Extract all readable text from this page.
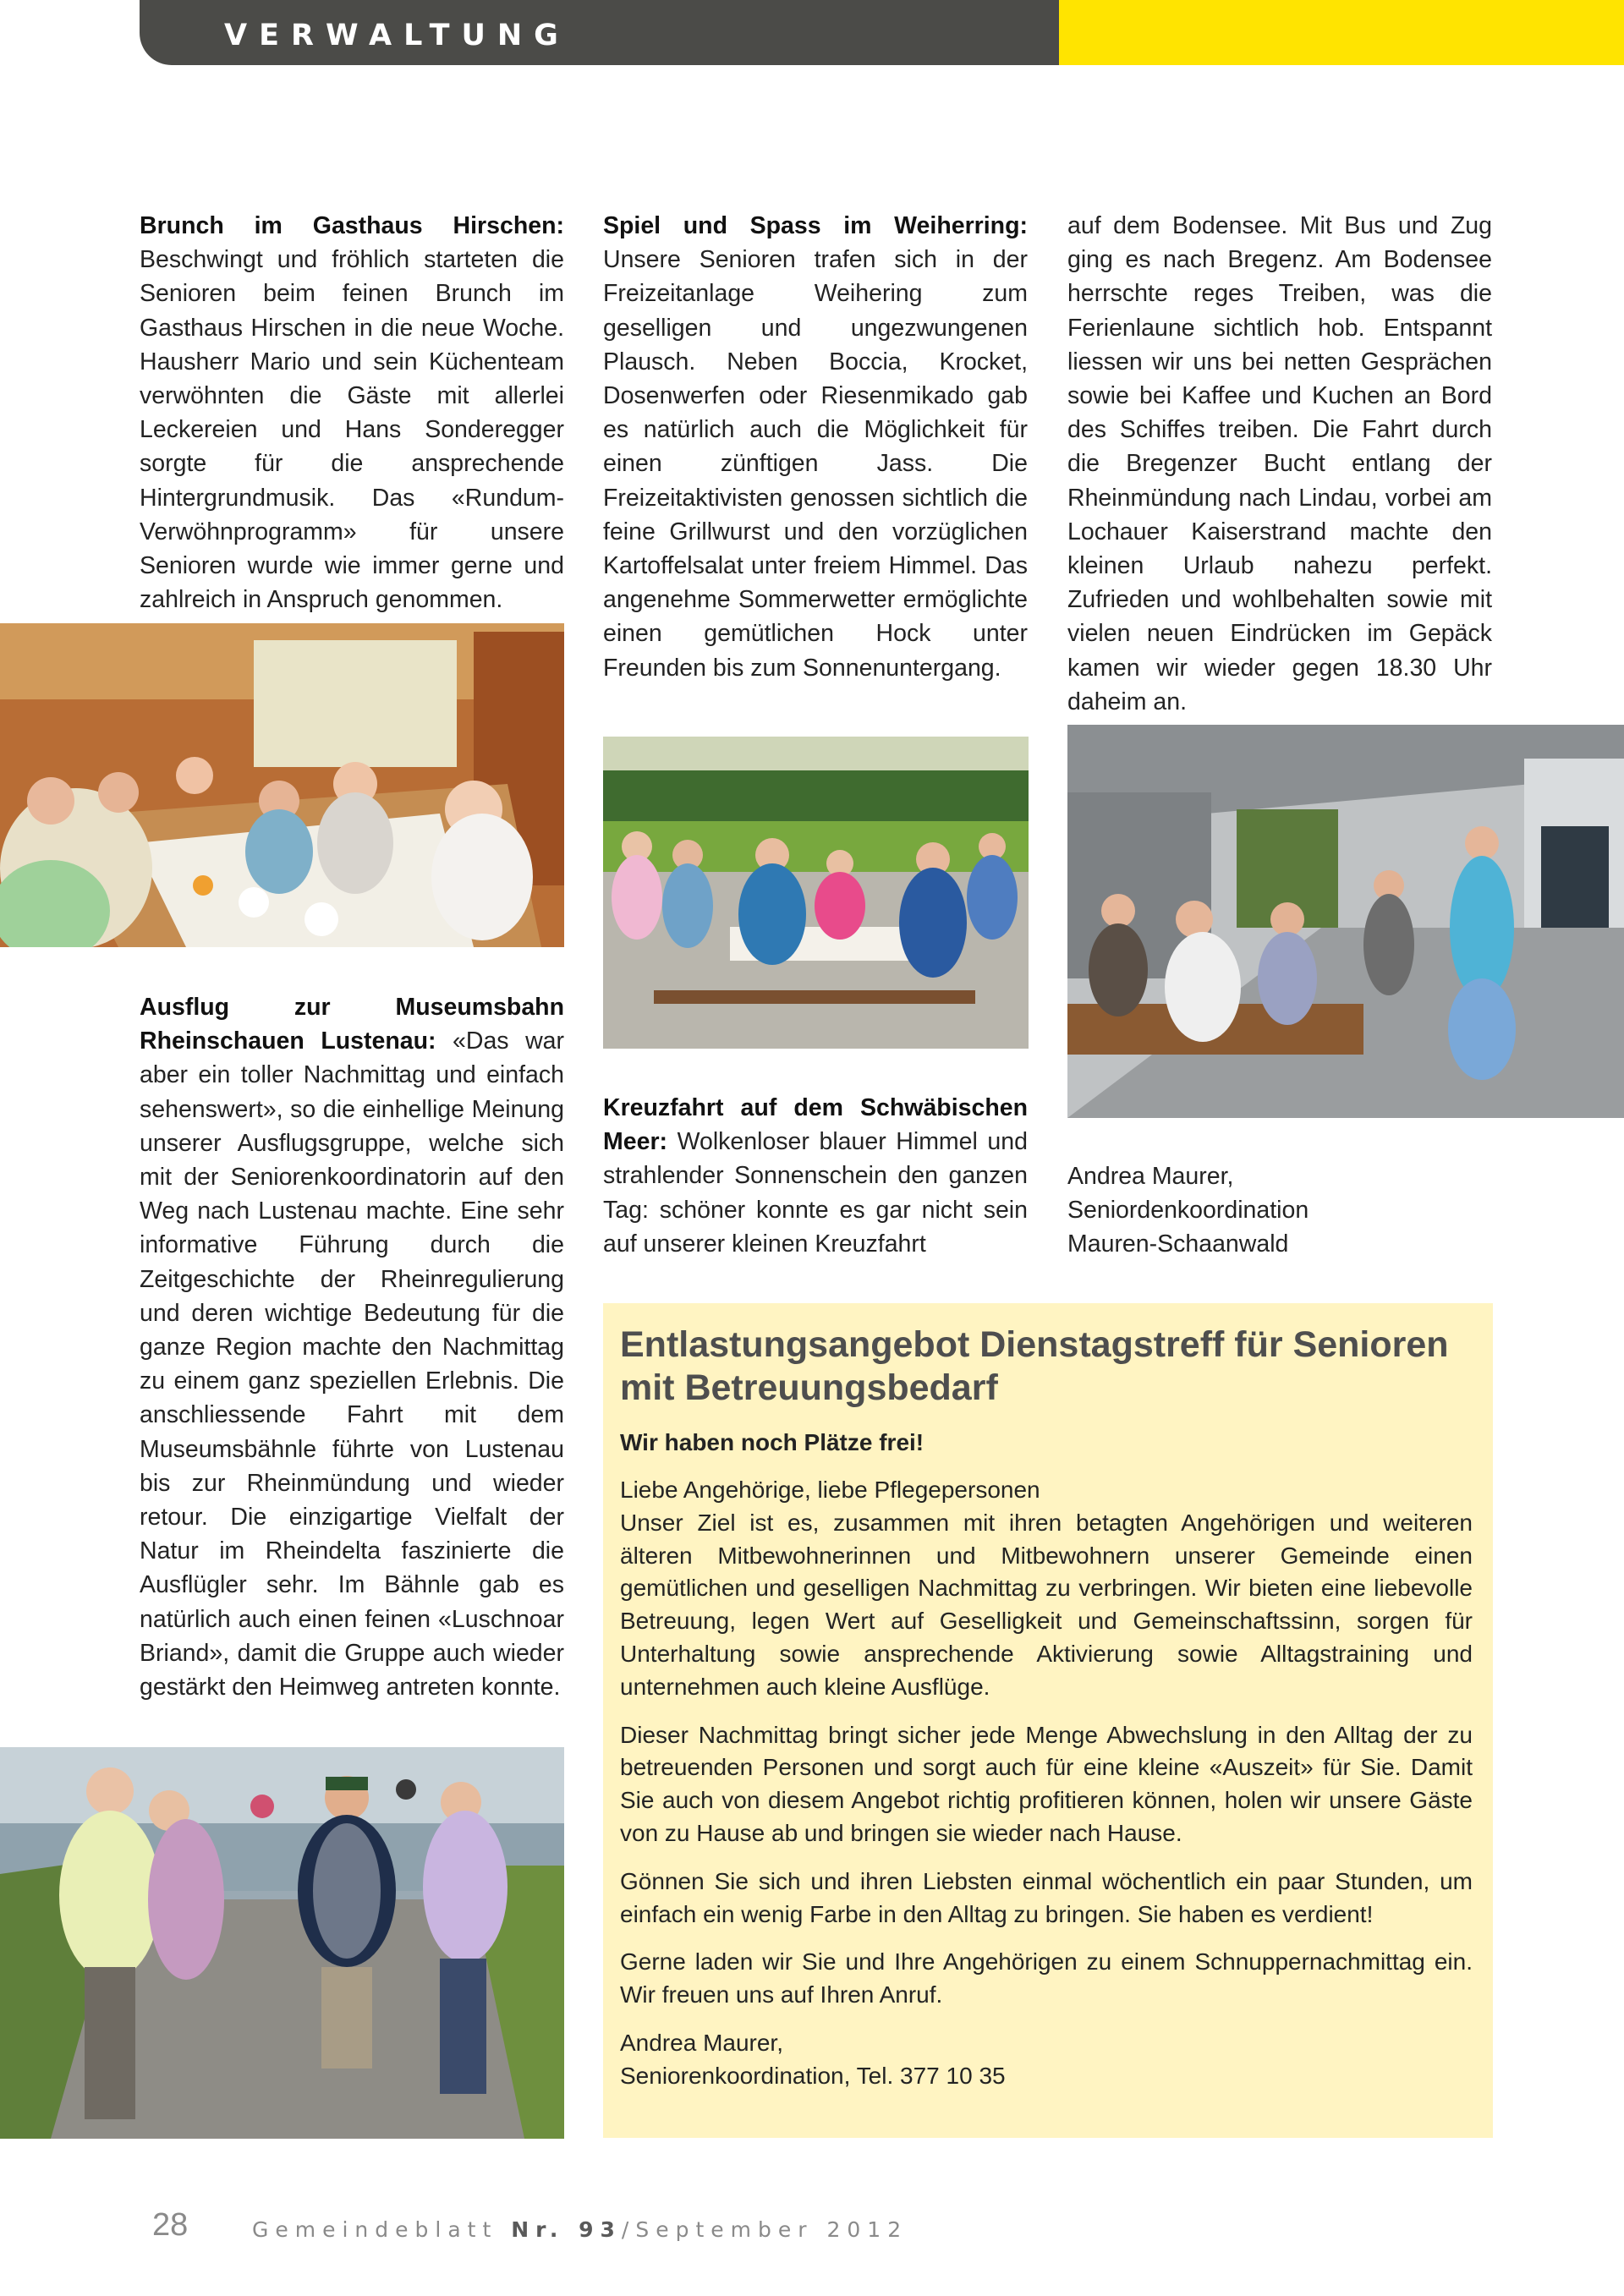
VERWALTUNG

Brunch im Gasthaus Hirschen: Beschwingt und fröhlich starteten die Senioren beim feinen Brunch im Gasthaus Hirschen in die neue Woche. Hausherr Mario und sein Küchenteam verwöhnten die Gäste mit allerlei Leckereien und Hans Sonderegger sorgte für die ansprechende Hintergrundmusik. Das «Rundum-Verwöhnprogramm» für unsere Senioren wurde wie immer gerne und zahlreich in Anspruch genommen.

Spiel und Spass im Weiherring: Unsere Senioren trafen sich in der Freizeitanlage Weihering zum geselligen und ungezwungenen Plausch. Neben Boccia, Krocket, Dosenwerfen oder Riesenmikado gab es natürlich auch die Möglichkeit für einen zünftigen Jass. Die Freizeitaktivisten genossen sichtlich die feine Grillwurst und den vorzüglichen Kartoffelsalat unter freiem Himmel. Das angenehme Sommerwetter ermöglichte einen gemütlichen Hock unter Freunden bis zum Sonnenuntergang.

auf dem Bodensee. Mit Bus und Zug ging es nach Bregenz. Am Bodensee herrschte reges Treiben, was die Ferienlaune sichtlich hob. Entspannt liessen wir uns bei netten Gesprächen sowie bei Kaffee und Kuchen an Bord des Schiffes treiben. Die Fahrt durch die Bregenzer Bucht entlang der Rheinmündung nach Lindau, vorbei am Lochauer Kaiserstrand machte den kleinen Urlaub nahezu perfekt. Zufrieden und wohlbehalten sowie mit vielen neuen Eindrücken im Gepäck kamen wir wieder gegen 18.30 Uhr daheim an.

Ausflug zur Museumsbahn Rheinschauen Lustenau: «Das war aber ein toller Nachmittag und einfach sehenswert», so die einhellige Meinung unserer Ausflugsgruppe, welche sich mit der Seniorenkoordinatorin auf den Weg nach Lustenau machte. Eine sehr informative Führung durch die Zeitgeschichte der Rheinregulierung und deren wichtige Bedeutung für die ganze Region machte den Nachmittag zu einem ganz speziellen Erlebnis. Die anschliessende Fahrt mit dem Museumsbähnle führte von Lustenau bis zur Rheinmündung und wieder retour. Die einzigartige Vielfalt der Natur im Rheindelta faszinierte die Ausflügler sehr. Im Bähnle gab es natürlich auch einen feinen «Luschnoar Briand», damit die Gruppe auch wieder gestärkt den Heimweg antreten konnte.

Kreuzfahrt auf dem Schwäbischen Meer: Wolkenloser blauer Himmel und strahlender Sonnenschein den ganzen Tag: schöner konnte es gar nicht sein auf unserer kleinen Kreuzfahrt

Andrea Maurer,
Seniordenkoordination
Mauren-Schaanwald
Entlastungsangebot Dienstagstreff für Senioren mit Betreuungsbedarf
Wir haben noch Plätze frei!

Liebe Angehörige, liebe Pflegepersonen

Unser Ziel ist es, zusammen mit ihren betagten Angehörigen und weiteren älteren Mitbewohnerinnen und Mitbewohnern unserer Gemeinde einen gemütlichen und geselligen Nachmittag zu verbringen. Wir bieten eine liebevolle Betreuung, legen Wert auf Geselligkeit und Gemeinschaftssinn, sorgen für Unterhaltung sowie ansprechende Aktivierung sowie Alltagstraining und unternehmen auch kleine Ausflüge.

Dieser Nachmittag bringt sicher jede Menge Abwechslung in den Alltag der zu betreuenden Personen und sorgt auch für eine kleine «Auszeit» für Sie. Damit Sie auch von diesem Angebot richtig profitieren können, holen wir unsere Gäste von zu Hause ab und bringen sie wieder nach Hause.

Gönnen Sie sich und ihren Liebsten einmal wöchentlich ein paar Stunden, um einfach ein wenig Farbe in den Alltag zu bringen. Sie haben es verdient!

Gerne laden wir Sie und Ihre Angehörigen zu einem Schnuppernachmittag ein. Wir freuen uns auf Ihren Anruf.

Andrea Maurer,

Seniorenkoordination, Tel. 377 10 35

28	Gemeindeblatt Nr. 93/September 2012
